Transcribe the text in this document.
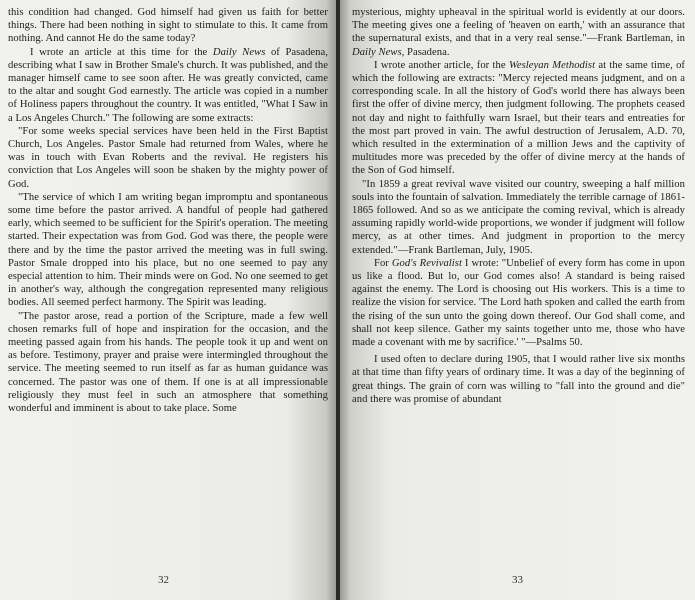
this condition had changed. God himself had given us faith for better things. There had been nothing in sight to stimulate to this. It came from nothing. And cannot He do the same today?

I wrote an article at this time for the Daily News of Pasadena, describing what I saw in Brother Smale's church. It was published, and the manager himself came to see soon after. He was greatly convicted, came to the altar and sought God earnestly. The article was copied in a number of Holiness papers throughout the country. It was entitled, "What I Saw in a Los Angeles Church." The following are some extracts:

"For some weeks special services have been held in the First Baptist Church, Los Angeles. Pastor Smale had returned from Wales, where he was in touch with Evan Roberts and the revival. He registers his conviction that Los Angeles will soon be shaken by the mighty power of God.

"The service of which I am writing began impromptu and spontaneous some time before the pastor arrived. A handful of people had gathered early, which seemed to be sufficient for the Spirit's operation. The meeting started. Their expectation was from God. God was there, the people were there and by the time the pastor arrived the meeting was in full swing. Pastor Smale dropped into his place, but no one seemed to pay any especial attention to him. Their minds were on God. No one seemed to get in another's way, although the congregation represented many religious bodies. All seemed perfect harmony. The Spirit was leading.

"The pastor arose, read a portion of the Scripture, made a few well chosen remarks full of hope and inspiration for the occasion, and the meeting passed again from his hands. The people took it up and went on as before. Testimony, prayer and praise were intermingled throughout the service. The meeting seemed to run itself as far as human guidance was concerned. The pastor was one of them. If one is at all impressionable religiously they must feel in such an atmosphere that something wonderful and imminent is about to take place. Some

32

mysterious, mighty upheaval in the spiritual world is evidently at our doors. The meeting gives one a feeling of 'heaven on earth,' with an assurance that the supernatural exists, and that in a very real sense."—Frank Bartleman, in Daily News, Pasadena.

I wrote another article, for the Wesleyan Methodist at the same time, of which the following are extracts: "Mercy rejected means judgment, and on a corresponding scale. In all the history of God's world there has always been first the offer of divine mercy, then judgment following. The prophets ceased not day and night to faithfully warn Israel, but their tears and entreaties for the most part proved in vain. The awful destruction of Jerusalem, A.D. 70, which resulted in the extermination of a million Jews and the captivity of multitudes more was preceded by the offer of divine mercy at the hands of the Son of God himself.

"In 1859 a great revival wave visited our country, sweeping a half million souls into the fountain of salvation. Immediately the terrible carnage of 1861-1865 followed. And so as we anticipate the coming revival, which is already assuming rapidly world-wide proportions, we wonder if judgment will follow mercy, as at other times. And judgment in proportion to the mercy extended."—Frank Bartleman, July, 1905.

For God's Revivalist I wrote: "Unbelief of every form has come in upon us like a flood. But lo, our God comes also! A standard is being raised against the enemy. The Lord is choosing out His workers. This is a time to realize the vision for service. 'The Lord hath spoken and called the earth from the rising of the sun unto the going down thereof. Our God shall come, and shall not keep silence. Gather my saints together unto me, those who have made a covenant with me by sacrifice.' "—Psalms 50.

I used often to declare during 1905, that I would rather live six months at that time than fifty years of ordinary time. It was a day of the beginning of great things. The grain of corn was willing to "fall into the ground and die" and there was promise of abundant

33
